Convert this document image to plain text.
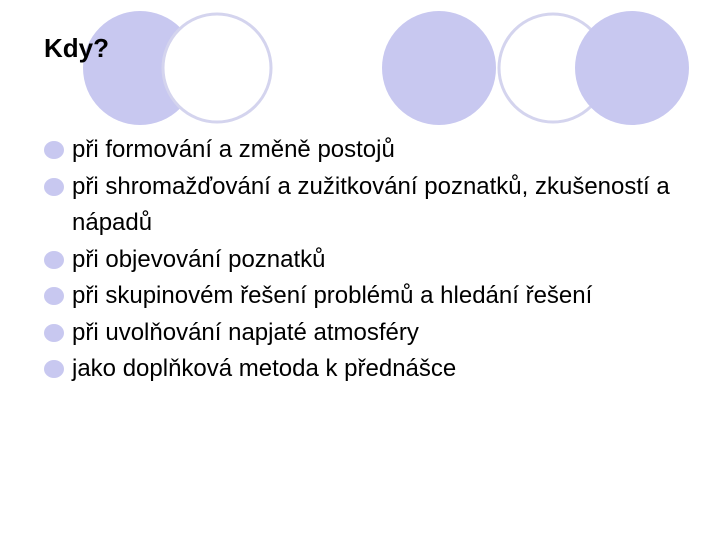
Kdy?
při formování a změně postojů
při shromažďování a zužitkování poznatků, zkušeností a nápadů
při objevování poznatků
při skupinovém řešení problémů a hledání řešení
při uvolňování napjaté atmosféry
jako doplňková metoda k přednášce
